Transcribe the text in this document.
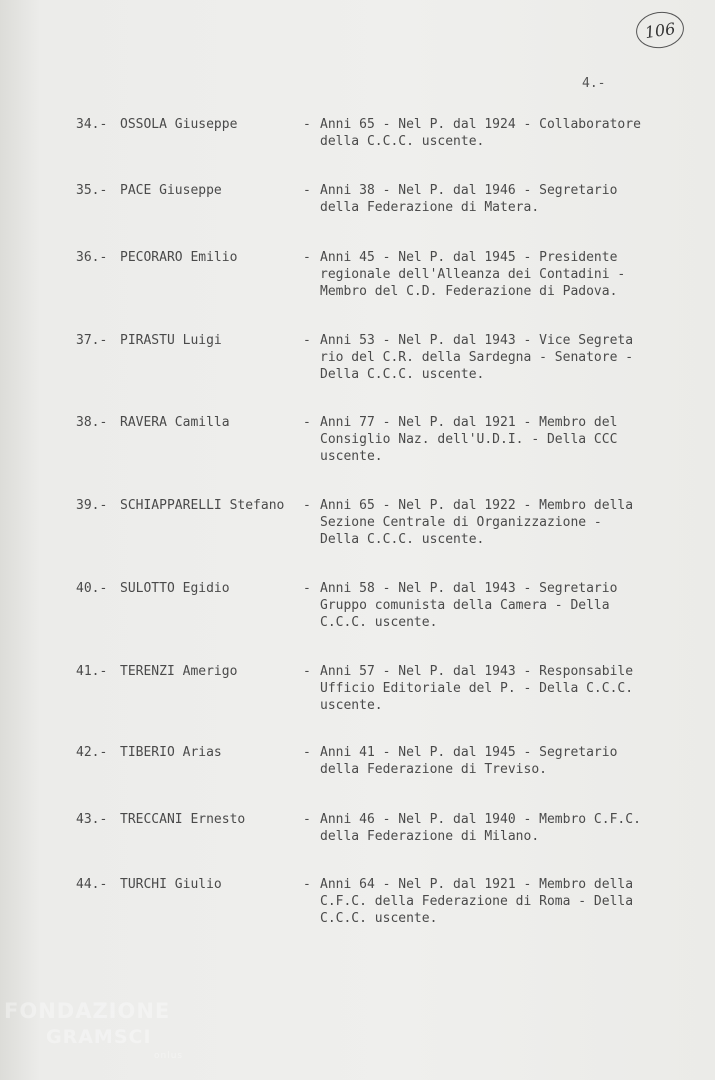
106
4.-
34.- OSSOLA Giuseppe	- Anni 65 - Nel P. dal 1924 - Collaboratore
della C.C.C. uscente.
35.- PACE Giuseppe	- Anni 38 - Nel P. dal 1946 - Segretario
della Federazione di Matera.
36.- PECORARO Emilio	- Anni 45 - Nel P. dal 1945 - Presidente
regionale dell'Alleanza dei Contadini -
Membro del C.D. Federazione di Padova.
37.- PIRASTU Luigi	- Anni 53 - Nel P. dal 1943 - Vice Segreta
rio del C.R. della Sardegna - Senatore -
Della C.C.C. uscente.
38.- RAVERA Camilla	- Anni 77 - Nel P. dal 1921 - Membro del
Consiglio Naz. dell'U.D.I. - Della CCC
uscente.
39.- SCHIAPPARELLI Stefano - Anni 65 - Nel P. dal 1922 - Membro della
Sezione Centrale di Organizzazione -
Della C.C.C. uscente.
40.- SULOTTO Egidio	- Anni 58 - Nel P. dal 1943 - Segretario
Gruppo comunista della Camera - Della
C.C.C. uscente.
41.- TERENZI Amerigo	- Anni 57 - Nel P. dal 1943 - Responsabile
Ufficio Editoriale del P. - Della C.C.C.
uscente.
42.- TIBERIO Arias	- Anni 41 - Nel P. dal 1945 - Segretario
della Federazione di Treviso.
43.- TRECCANI Ernesto	- Anni 46 - Nel P. dal 1940 - Membro C.F.C.
della Federazione di Milano.
44.- TURCHI Giulio	- Anni 64 - Nel P. dal 1921 - Membro della
C.F.C. della Federazione di Roma - Della
C.C.C. uscente.
FONDAZIONE
GRAMSCI
onlus
